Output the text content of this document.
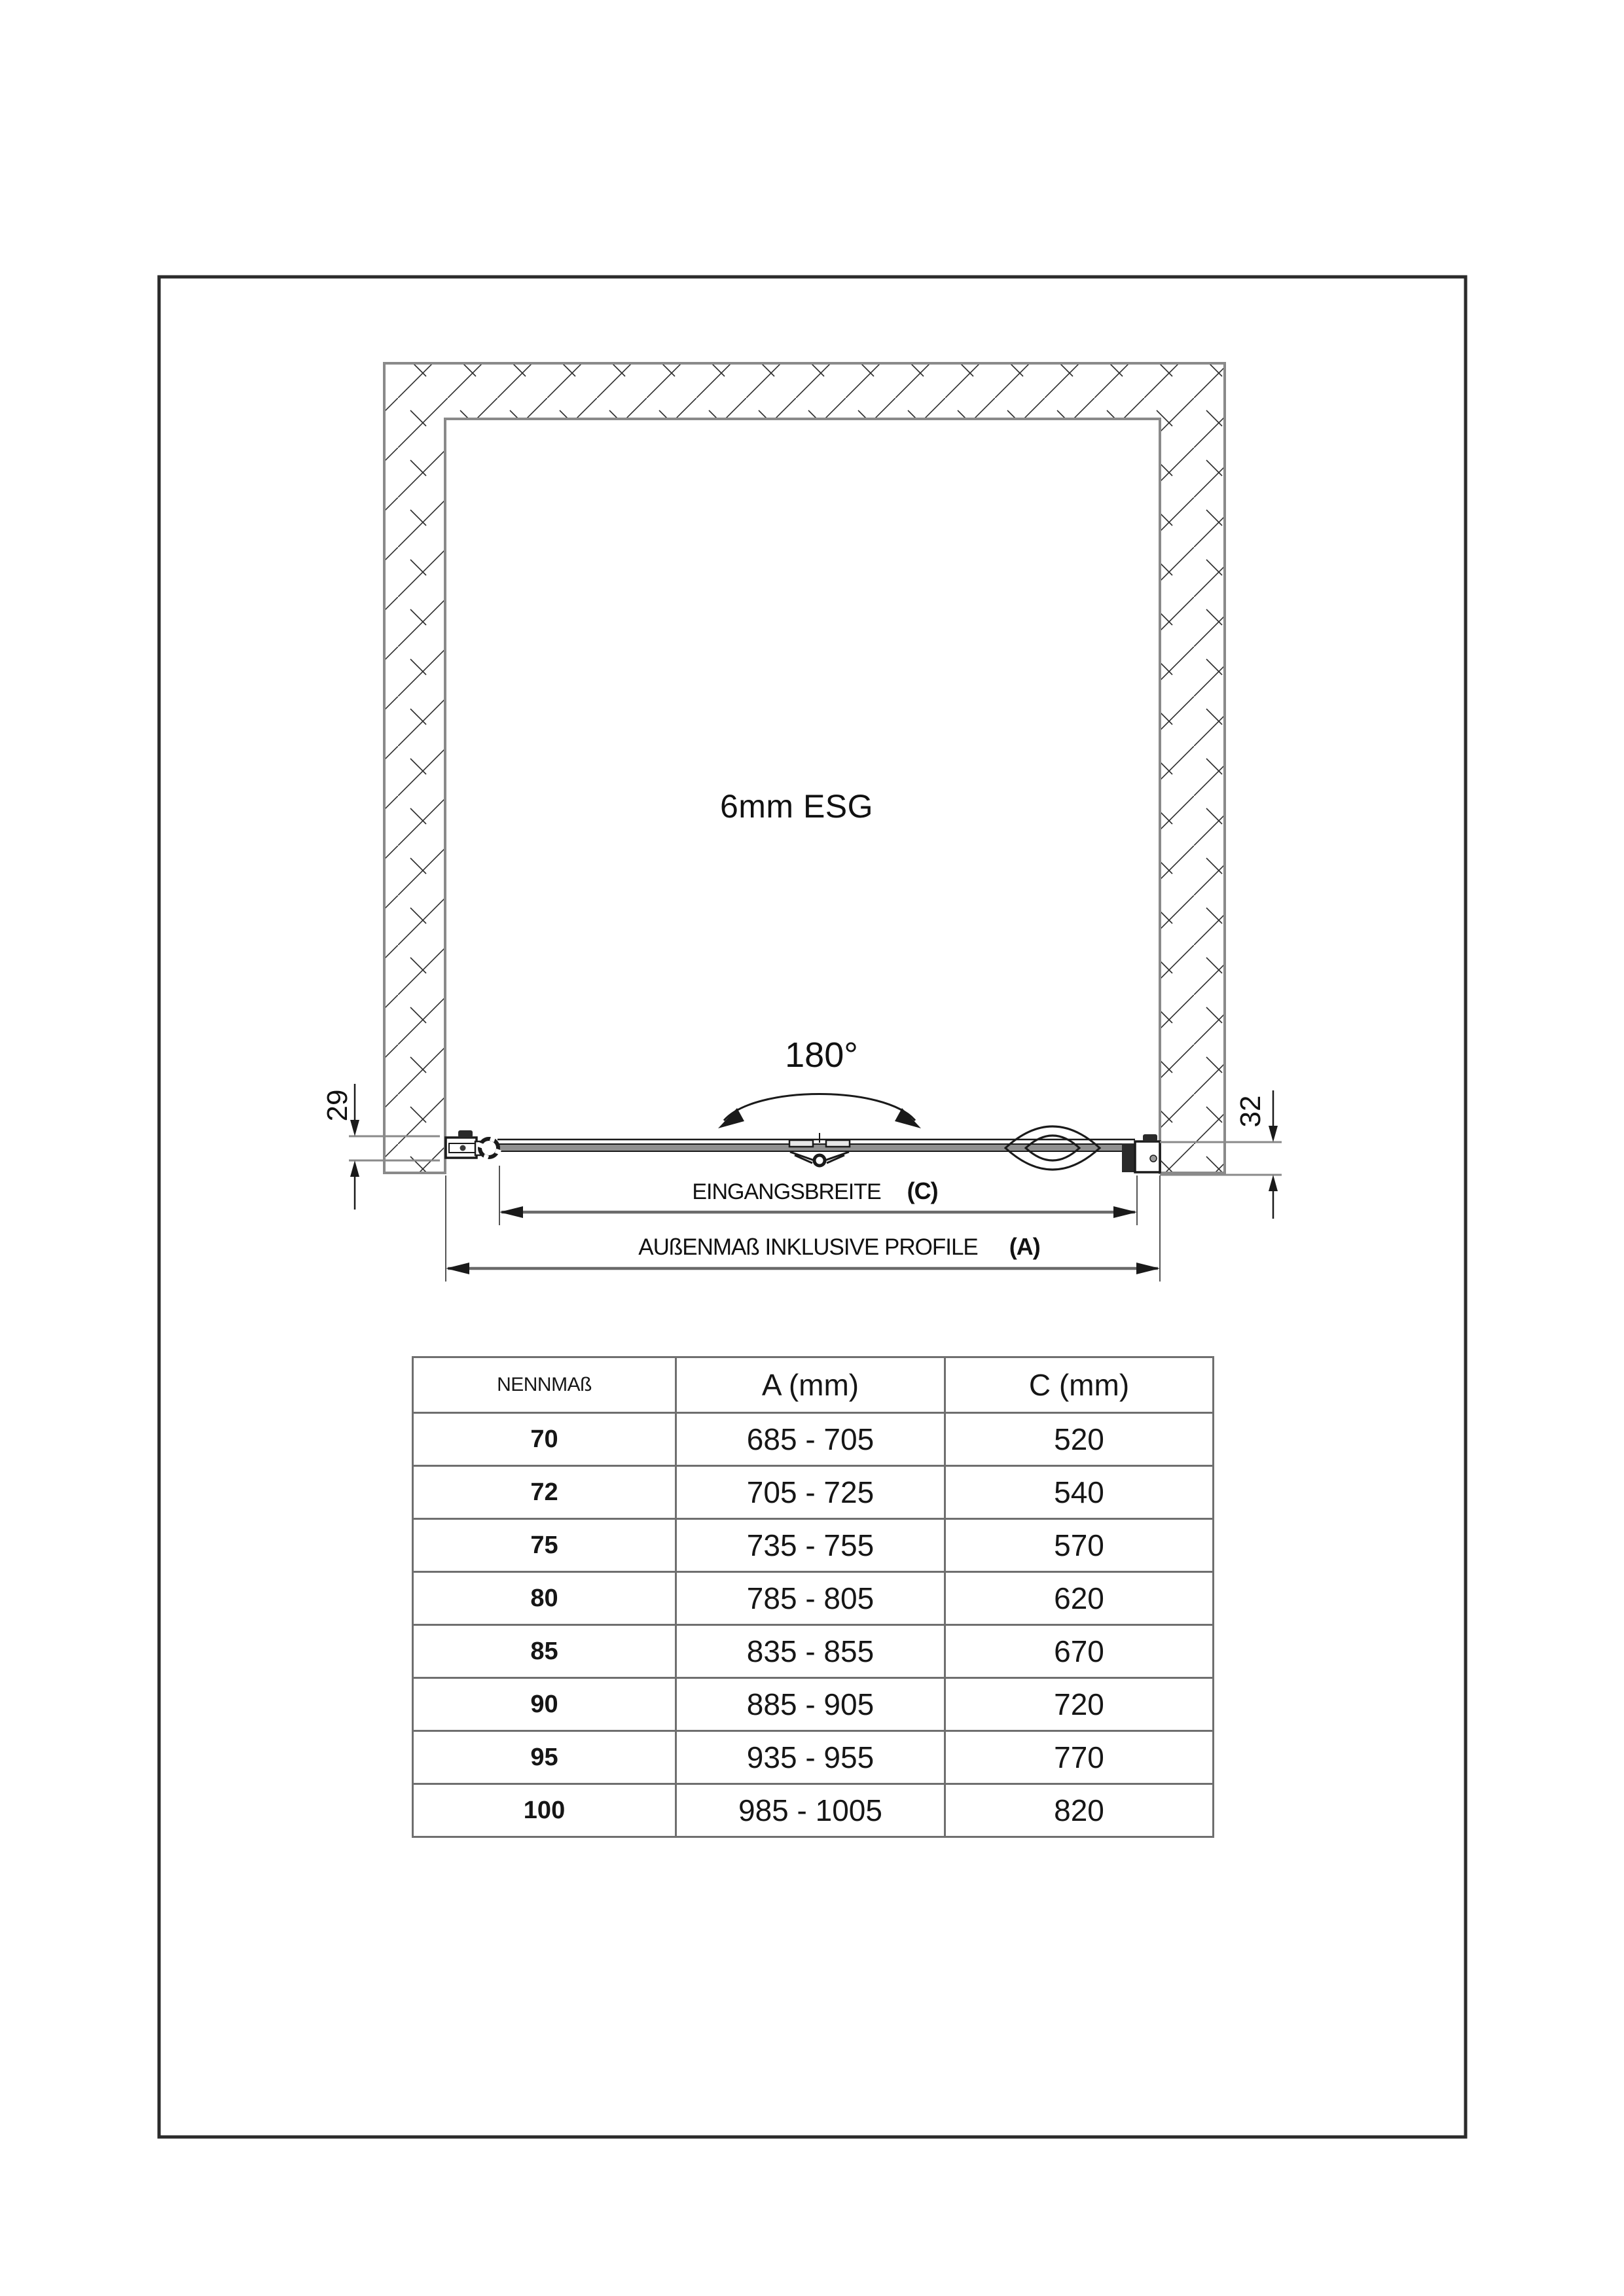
6mm ESG
180°
29	32
EINGANGSBREITE (C)
AUßENMAß INKLUSIVE PROFILE (A)
NENNMAß	A (mm)	C (mm)
70	685 - 705	520
72	705 - 725	540
75	735 - 755	570
80	785 - 805	620
85	835 - 855	670
90	885 - 905	720
95	935 - 955	770
100	985 - 1005	820
